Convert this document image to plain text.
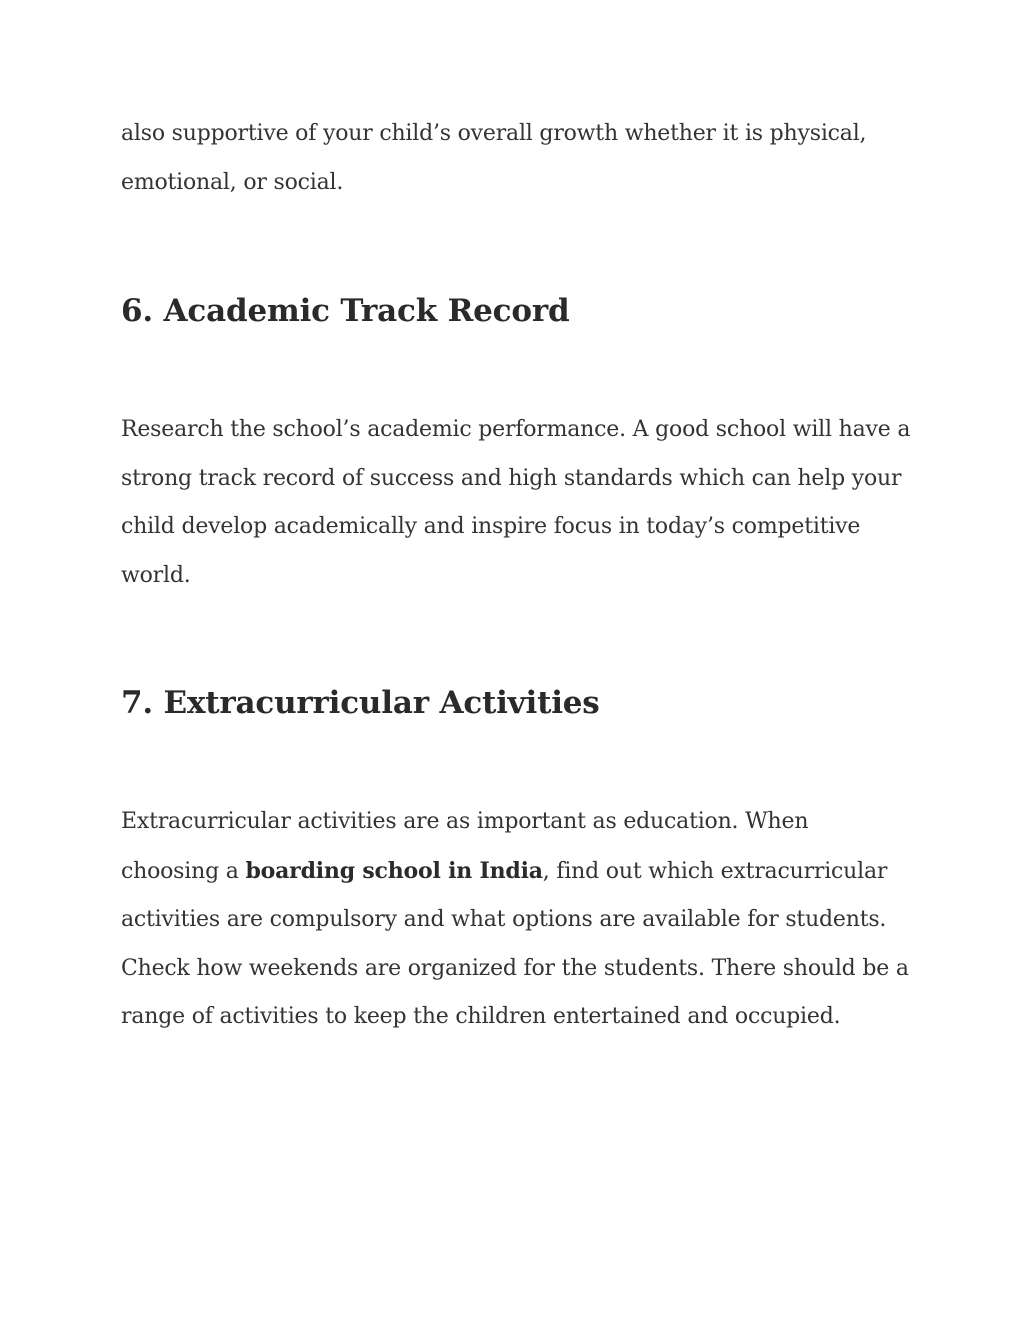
also supportive of your child’s overall growth whether it is physical, emotional, or social.

6. Academic Track Record

Research the school’s academic performance. A good school will have a strong track record of success and high standards which can help your child develop academically and inspire focus in today’s competitive world.

7. Extracurricular Activities

Extracurricular activities are as important as education. When choosing a boarding school in India, find out which extracurricular activities are compulsory and what options are available for students. Check how weekends are organized for the students. There should be a range of activities to keep the children entertained and occupied.
